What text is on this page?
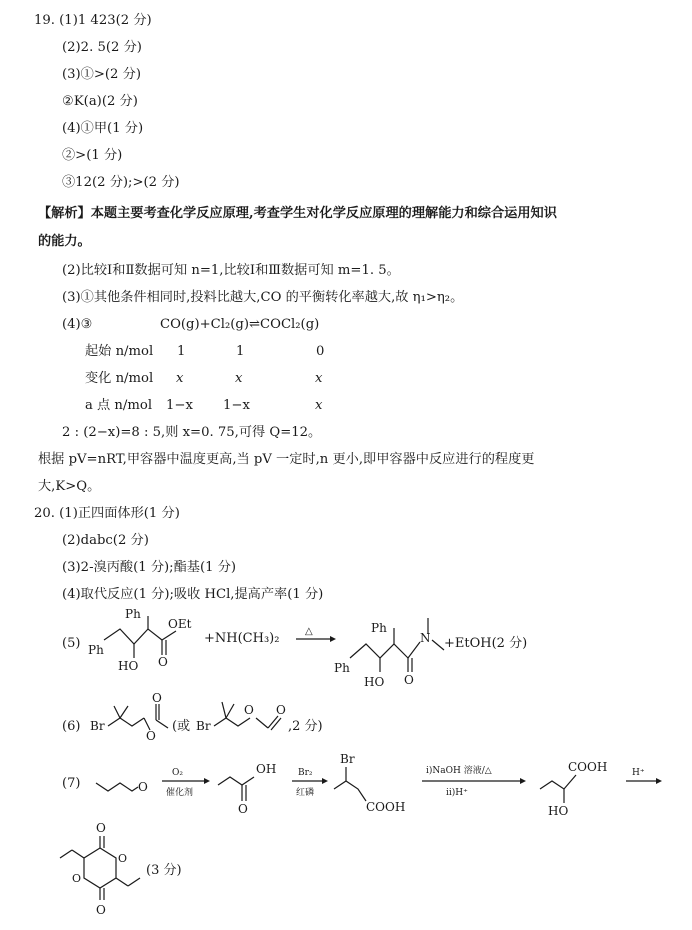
19. (1)1 423(2 分)
(2)2. 5(2 分)
(3)①>(2 分)
②K(a)(2 分)
(4)①甲(1 分)
②>(1 分)
③12(2 分);>(2 分)
【解析】本题主要考查化学反应原理,考查学生对化学反应原理的理解能力和综合运用知识
的能力。
(2)比较Ⅰ和Ⅱ数据可知 n=1,比较Ⅰ和Ⅲ数据可知 m=1. 5。
(3)①其他条件相同时,投料比越大,CO 的平衡转化率越大,故 η₁>η₂。
(4)③	CO(g)+Cl₂(g)⇌COCl₂(g)
起始 n/mol 1	1	0
变化 n/mol x	x	x
a 点 n/mol 1−x 1−x	x
2 : (2−x)=8 : 5,则 x=0. 75,可得 Q=12。
根据 pV=nRT,甲容器中温度更高,当 pV 一定时,n 更小,即甲容器中反应进行的程度更
大,K>Q。
20. (1)正四面体形(1 分)
(2)dabc(2 分)
(3)2-溴丙酸(1 分);酯基(1 分)
(4)取代反应(1 分);吸收 HCl,提高产率(1 分)
(5)
Ph
Ph
OEt
HO O
+NH(CH₃)₂	△	Ph
Ph
N
HO O
+EtOH(2 分)
(6) Br
O
O
(或 Br
O O
,2 分)
(7)	O
O₂
催化剂
OH
O
Br₂
红磷
Br
COOH
ⅰ)NaOH 溶液/△
ⅱ)H⁺
COOH
HO
H⁺
O
O
O
O
(3 分)
